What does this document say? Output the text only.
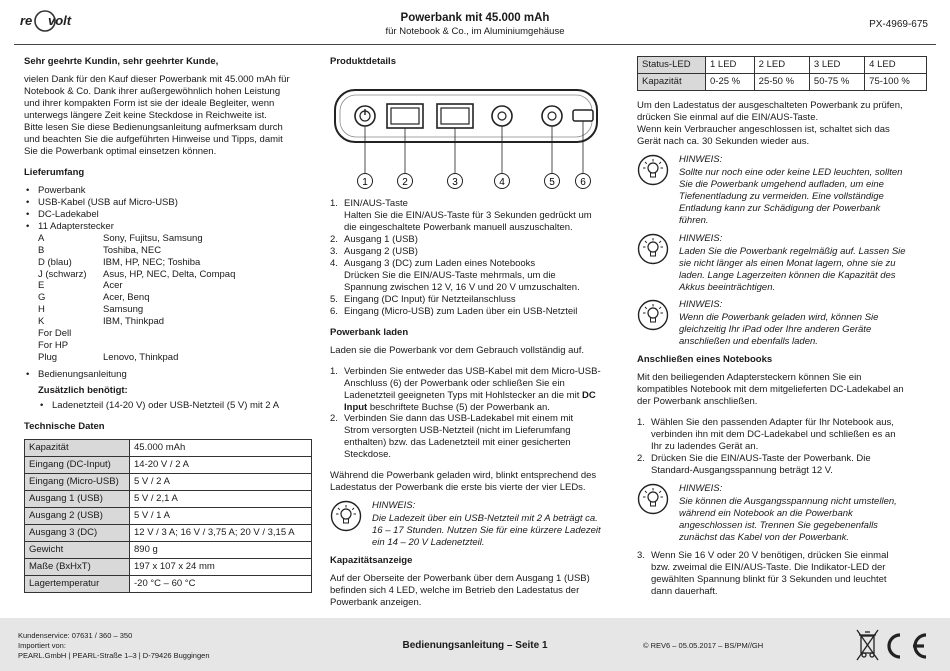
re volt	Powerbank mit 45.000 mAh
für Notebook & Co., im Aluminiumgehäuse
PX-4969-675
Sehr geehrte Kundin, sehr geehrter Kunde,

vielen Dank für den Kauf dieser Powerbank mit 45.000 mAh für

Notebook & Co. Dank ihrer außergewöhnlich hohen Leistung

und ihrer kompakten Form ist sie der ideale Begleiter, wenn

unterwegs längere Zeit keine Steckdose in Reichweite ist.

Bitte lesen Sie diese Bedienungsanleitung aufmerksam durch

und beachten Sie die aufgeführten Hinweise und Tipps, damit

Sie die Powerbank optimal einsetzen können.

Lieferumfang
• Powerbank
• USB-Kabel (USB auf Micro-USB)
• DC-Ladekabel
• 11 Adapterstecker
A	Sony, Fujitsu, Samsung
B	Toshiba, NEC
D (blau)	IBM, HP, NEC; Toshiba
J (schwarz)	Asus, HP, NEC, Delta, Compaq
E	Acer
G	Acer, Benq
H	Samsung
K	IBM, Thinkpad
For Dell
For HP
Plug	Lenovo, Thinkpad
• Bedienungsanleitung
Zusätzlich benötigt:
• Ladenetzteil (14-20 V) oder USB-Netzteil (5 V) mit 2 A
Technische Daten
Kapazität	45.000 mAh
Eingang (DC-Input)	14-20 V / 2 A
Eingang (Micro-USB)	5 V / 2 A
Ausgang 1 (USB)	5 V / 2,1 A
Ausgang 2 (USB)	5 V / 1 A
Ausgang 3 (DC)	12 V / 3 A; 16 V / 3,75 A; 20 V / 3,15 A
Gewicht	890 g
Maße (BxHxT)	197 x 107 x 24 mm
Lagertemperatur	-20 °C – 60 °C
Produktdetails
1	2	3	4	5	6
1. EIN/AUS-Taste
Halten Sie die EIN/AUS-Taste für 3 Sekunden gedrückt um
die eingeschaltete Powerbank manuell auszuschalten.
2. Ausgang 1 (USB)
3. Ausgang 2 (USB)
4. Ausgang 3 (DC) zum Laden eines Notebooks
Drücken Sie die EIN/AUS-Taste mehrmals, um die
Spannung zwischen 12 V, 16 V und 20 V umzuschalten.
5. Eingang (DC Input) für Netzteilanschluss
6. Eingang (Micro-USB) zum Laden über ein USB-Netzteil
Powerbank laden

Laden sie die Powerbank vor dem Gebrauch vollständig auf.

1. Verbinden Sie entweder das USB-Kabel mit dem Micro-USB-
Anschluss (6) der Powerbank oder schließen Sie ein
Ladenetzteil geeigneten Typs mit Hohlstecker an die mit DC
Input beschriftete Buchse (5) der Powerbank an.
2. Verbinden Sie dann das USB-Ladekabel mit einem mit
Strom versorgten USB-Netzteil (nicht im Lieferumfang
enthalten) bzw. das Ladenetzteil mit einer gesicherten
Steckdose.

Während die Powerbank geladen wird, blinkt entsprechend des

Ladestatus der Powerbank die erste bis vierte der vier LEDs.

HINWEIS:
Die Ladezeit über ein USB-Netzteil mit 2 A beträgt ca.
16 – 17 Stunden. Nutzen Sie für eine kürzere Ladezeit
ein 14 – 20 V Ladenetzteil.
Kapazitätsanzeige

Auf der Oberseite der Powerbank über dem Ausgang 1 (USB)

befinden sich 4 LED, welche im Betrieb den Ladestatus der

Powerbank anzeigen.

Status-LED	1 LED	2 LED	3 LED	4 LED
Kapazität	0-25 %	25-50 %	50-75 %	75-100 %

Um den Ladestatus der ausgeschalteten Powerbank zu prüfen,

drücken Sie einmal auf die EIN/AUS-Taste.

Wenn kein Verbraucher angeschlossen ist, schaltet sich das

Gerät nach ca. 30 Sekunden wieder aus.

HINWEIS:
Sollte nur noch eine oder keine LED leuchten, sollten
Sie die Powerbank umgehend aufladen, um eine
Tiefenentladung zu vermeiden. Eine vollständige
Entladung kann zur Schädigung der Powerbank
führen.
HINWEIS:
Laden Sie die Powerbank regelmäßig auf. Lassen Sie
sie nicht länger als einen Monat lagern, ohne sie zu
laden. Lange Lagerzeiten können die Kapazität des
Akkus beeinträchtigen.
HINWEIS:
Wenn die Powerbank geladen wird, können Sie
gleichzeitig Ihr iPad oder Ihre anderen Geräte
anschließen und ebenfalls laden.
Anschließen eines Notebooks

Mit den beiliegenden Adaptersteckern können Sie ein

kompatibles Notebook mit dem mitgelieferten DC-Ladekabel an

der Powerbank anschließen.

1. Wählen Sie den passenden Adapter für Ihr Notebook aus,
verbinden ihn mit dem DC-Ladekabel und schließen es an
Ihr zu ladendes Gerät an.
2. Drücken Sie die EIN/AUS-Taste der Powerbank. Die
Standard-Ausgangsspannung beträgt 12 V.
HINWEIS:
Sie können die Ausgangsspannung nicht umstellen,
während ein Notebook an die Powerbank
angeschlossen ist. Trennen Sie gegebenenfalls
zunächst das Kabel von der Powerbank.
3. Wenn Sie 16 V oder 20 V benötigen, drücken Sie einmal
bzw. zweimal die EIN/AUS-Taste. Die Indikator-LED der
gewählten Spannung blinkt für 3 Sekunden und leuchtet
dann dauerhaft.
Kundenservice: 07631 / 360 – 350
Importiert von:
PEARL.GmbH | PEARL-Straße 1–3 | D-79426 Buggingen
Bedienungsanleitung – Seite 1	© REV6 – 05.05.2017 – BS/PM//GH
